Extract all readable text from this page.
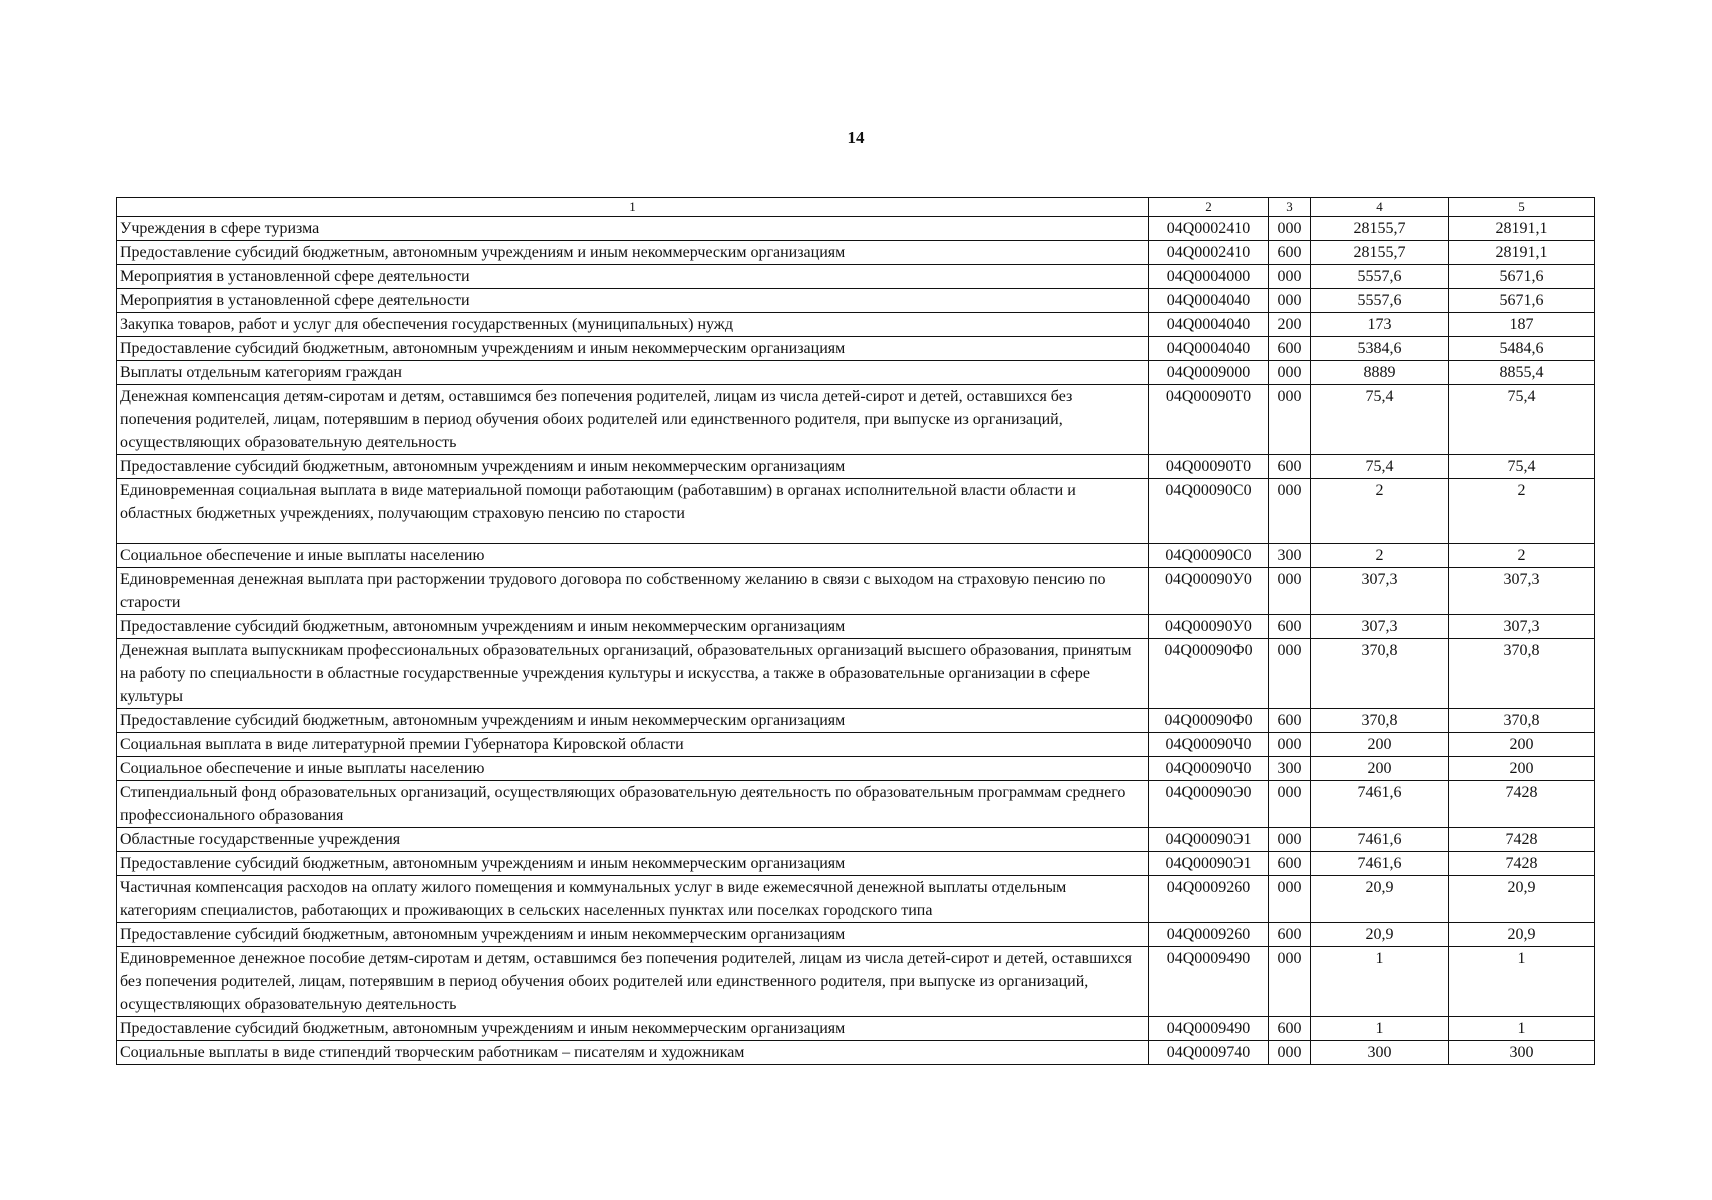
14
1	2	3	4	5
Учреждения в сфере туризма	04Q0002410	000	28155,7	28191,1
Предоставление субсидий бюджетным, автономным учреждениям и иным некоммерческим организациям	04Q0002410	600	28155,7	28191,1
Мероприятия в установленной сфере деятельности	04Q0004000	000	5557,6	5671,6
Мероприятия в установленной сфере деятельности	04Q0004040	000	5557,6	5671,6
Закупка товаров, работ и услуг для обеспечения государственных (муниципальных) нужд	04Q0004040	200	173	187
Предоставление субсидий бюджетным, автономным учреждениям и иным некоммерческим организациям	04Q0004040	600	5384,6	5484,6
Выплаты отдельным категориям граждан	04Q0009000	000	8889	8855,4
Денежная компенсация детям-сиротам и детям, оставшимся без попечения родителей, лицам из числа детей-сирот и детей, оставшихся без попечения родителей, лицам, потерявшим в период обучения обоих родителей или единственного родителя, при выпуске из организаций, осуществляющих образовательную деятельность	04Q00090T0	000	75,4	75,4
Предоставление субсидий бюджетным, автономным учреждениям и иным некоммерческим организациям	04Q00090T0	600	75,4	75,4
Единовременная социальная выплата в виде материальной помощи работающим (работавшим) в органах исполнительной власти области и областных бюджетных учреждениях, получающим страховую пенсию по старости	04Q00090C0	000	2	2
Социальное обеспечение и иные выплаты населению	04Q00090C0	300	2	2
Единовременная денежная выплата при расторжении трудового договора по собственному желанию в связи с выходом на страховую пенсию по старости	04Q00090У0	000	307,3	307,3
Предоставление субсидий бюджетным, автономным учреждениям и иным некоммерческим организациям	04Q00090У0	600	307,3	307,3
Денежная выплата выпускникам профессиональных образовательных организаций, образовательных организаций высшего образования, принятым на работу по специальности в областные государственные учреждения культуры и искусства, а также в образовательные организации в сфере культуры	04Q00090Ф0	000	370,8	370,8
Предоставление субсидий бюджетным, автономным учреждениям и иным некоммерческим организациям	04Q00090Ф0	600	370,8	370,8
Социальная выплата в виде литературной премии Губернатора Кировской области	04Q00090Ч0	000	200	200
Социальное обеспечение и иные выплаты населению	04Q00090Ч0	300	200	200
Стипендиальный фонд образовательных организаций, осуществляющих образовательную деятельность по образовательным программам среднего профессионального образования	04Q00090Э0	000	7461,6	7428
Областные государственные учреждения	04Q00090Э1	000	7461,6	7428
Предоставление субсидий бюджетным, автономным учреждениям и иным некоммерческим организациям	04Q00090Э1	600	7461,6	7428
Частичная компенсация расходов на оплату жилого помещения и коммунальных услуг в виде ежемесячной денежной выплаты отдельным категориям специалистов, работающих и проживающих в сельских населенных пунктах или поселках городского типа	04Q0009260	000	20,9	20,9
Предоставление субсидий бюджетным, автономным учреждениям и иным некоммерческим организациям	04Q0009260	600	20,9	20,9
Единовременное денежное пособие детям-сиротам и детям, оставшимся без попечения родителей, лицам из числа детей-сирот и детей, оставшихся без попечения родителей, лицам, потерявшим в период обучения обоих родителей или единственного родителя, при выпуске из организаций, осуществляющих образовательную деятельность	04Q0009490	000	1	1
Предоставление субсидий бюджетным, автономным учреждениям и иным некоммерческим организациям	04Q0009490	600	1	1
Социальные выплаты в виде стипендий творческим работникам – писателям и художникам	04Q0009740	000	300	300
